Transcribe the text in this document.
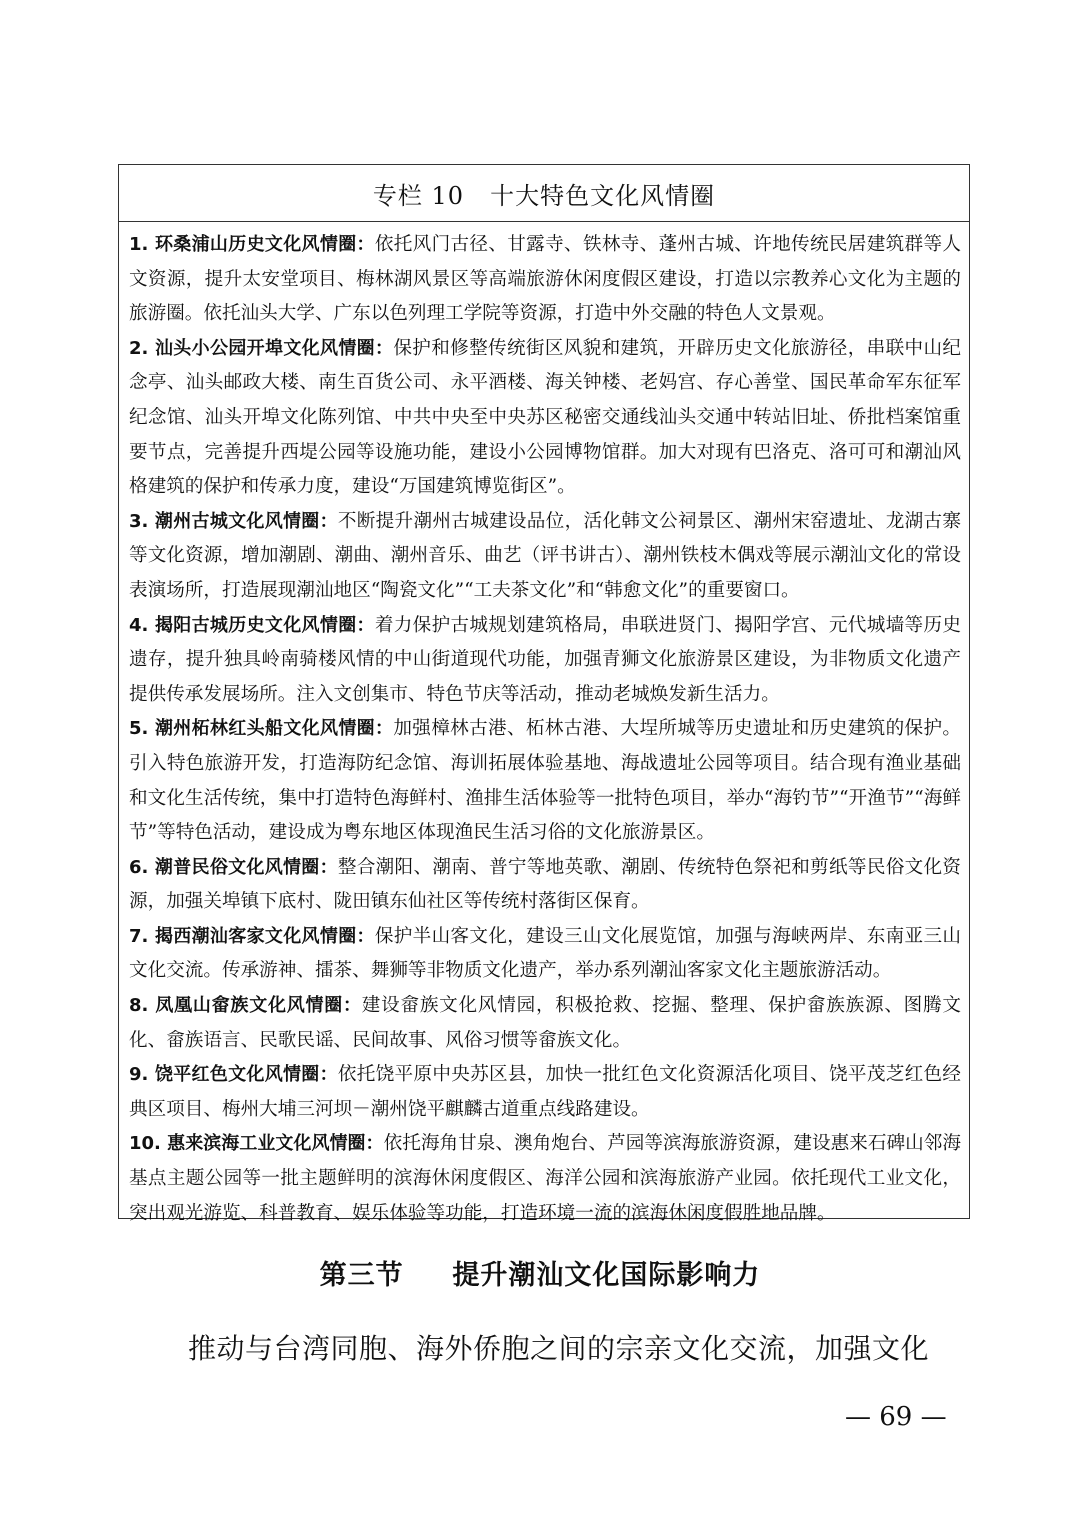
专栏 10 十大特色文化风情圈

1. 环桑浦山历史文化风情圈：依托风门古径、甘露寺、铁林寺、蓬州古城、许地传统民居建筑群等人文资源，提升太安堂项目、梅林湖风景区等高端旅游休闲度假区建设，打造以宗教养心文化为主题的旅游圈。依托汕头大学、广东以色列理工学院等资源，打造中外交融的特色人文景观。

2. 汕头小公园开埠文化风情圈：保护和修整传统街区风貌和建筑，开辟历史文化旅游径，串联中山纪念亭、汕头邮政大楼、南生百货公司、永平酒楼、海关钟楼、老妈宫、存心善堂、国民革命军东征军纪念馆、汕头开埠文化陈列馆、中共中央至中央苏区秘密交通线汕头交通中转站旧址、侨批档案馆重要节点，完善提升西堤公园等设施功能，建设小公园博物馆群。加大对现有巴洛克、洛可可和潮汕风格建筑的保护和传承力度，建设“万国建筑博览街区”。

3. 潮州古城文化风情圈：不断提升潮州古城建设品位，活化韩文公祠景区、潮州宋窑遗址、龙湖古寨等文化资源，增加潮剧、潮曲、潮州音乐、曲艺（评书讲古）、潮州铁枝木偶戏等展示潮汕文化的常设表演场所，打造展现潮汕地区“陶瓷文化”“工夫茶文化”和“韩愈文化”的重要窗口。

4. 揭阳古城历史文化风情圈：着力保护古城规划建筑格局，串联进贤门、揭阳学宫、元代城墙等历史遗存，提升独具岭南骑楼风情的中山街道现代功能，加强青狮文化旅游景区建设，为非物质文化遗产提供传承发展场所。注入文创集市、特色节庆等活动，推动老城焕发新生活力。

5. 潮州柘林红头船文化风情圈：加强樟林古港、柘林古港、大埕所城等历史遗址和历史建筑的保护。引入特色旅游开发，打造海防纪念馆、海训拓展体验基地、海战遗址公园等项目。结合现有渔业基础和文化生活传统，集中打造特色海鲜村、渔排生活体验等一批特色项目，举办“海钓节”“开渔节”“海鲜节”等特色活动，建设成为粤东地区体现渔民生活习俗的文化旅游景区。

6. 潮普民俗文化风情圈：整合潮阳、潮南、普宁等地英歌、潮剧、传统特色祭祀和剪纸等民俗文化资源，加强关埠镇下底村、陇田镇东仙社区等传统村落街区保育。

7. 揭西潮汕客家文化风情圈：保护半山客文化，建设三山文化展览馆，加强与海峡两岸、东南亚三山文化交流。传承游神、擂茶、舞狮等非物质文化遗产，举办系列潮汕客家文化主题旅游活动。

8. 凤凰山畲族文化风情圈：建设畲族文化风情园，积极抢救、挖掘、整理、保护畲族族源、图腾文化、畲族语言、民歌民谣、民间故事、风俗习惯等畲族文化。

9. 饶平红色文化风情圈：依托饶平原中央苏区县，加快一批红色文化资源活化项目、饶平茂芝红色经典区项目、梅州大埔三河坝－潮州饶平麒麟古道重点线路建设。

10. 惠来滨海工业文化风情圈：依托海角甘泉、澳角炮台、芦园等滨海旅游资源，建设惠来石碑山邻海基点主题公园等一批主题鲜明的滨海休闲度假区、海洋公园和滨海旅游产业园。依托现代工业文化，突出观光游览、科普教育、娱乐体验等功能，打造环境一流的滨海休闲度假胜地品牌。

第三节 提升潮汕文化国际影响力
推动与台湾同胞、海外侨胞之间的宗亲文化交流，加强文化
— 69 —
